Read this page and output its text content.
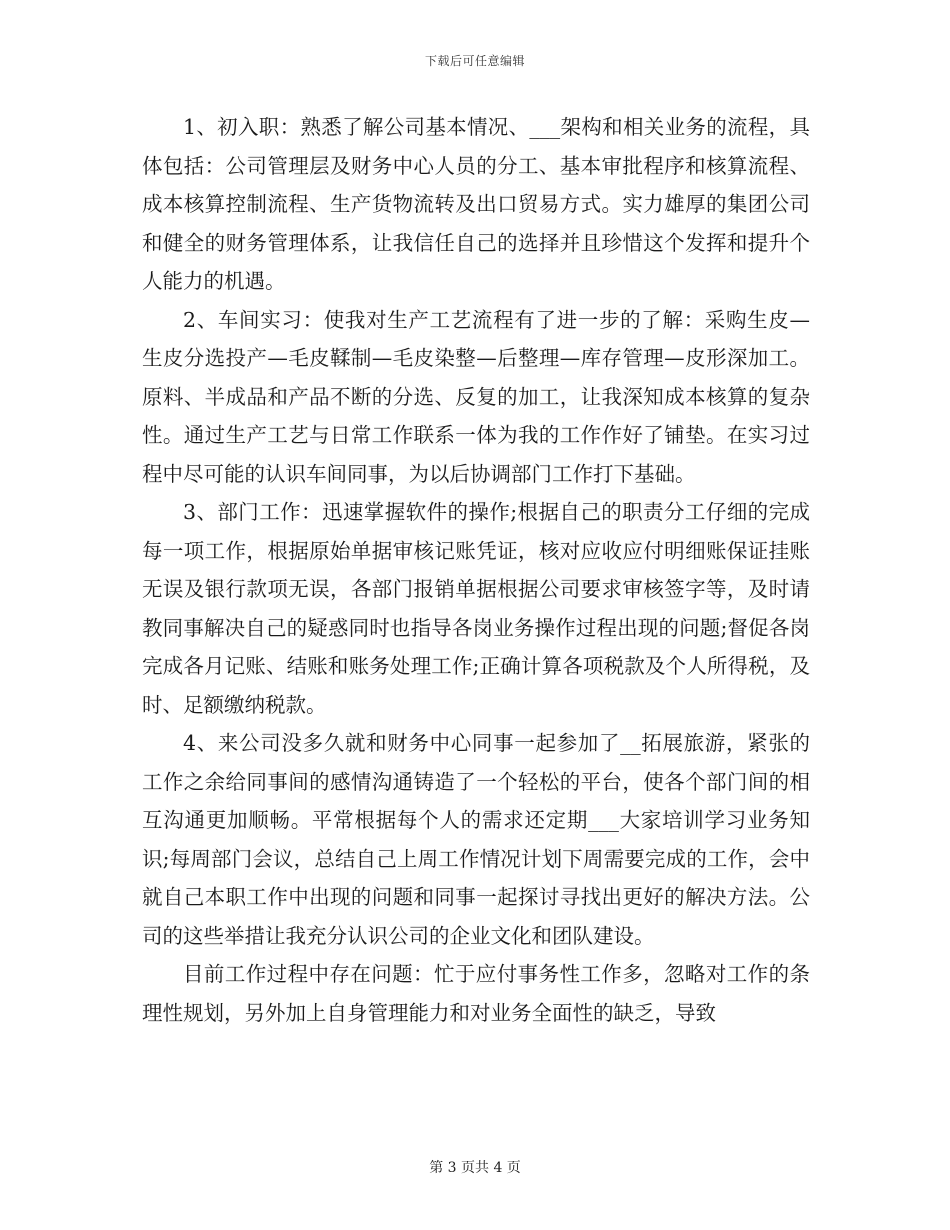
下载后可任意编辑

1、初入职：熟悉了解公司基本情况、___架构和相关业务的流程，具体包括：公司管理层及财务中心人员的分工、基本审批程序和核算流程、成本核算控制流程、生产货物流转及出口贸易方式。实力雄厚的集团公司和健全的财务管理体系，让我信任自己的选择并且珍惜这个发挥和提升个人能力的机遇。

2、车间实习：使我对生产工艺流程有了进一步的了解：采购生皮—生皮分选投产—毛皮鞣制—毛皮染整—后整理—库存管理—皮形深加工。原料、半成品和产品不断的分选、反复的加工，让我深知成本核算的复杂性。通过生产工艺与日常工作联系一体为我的工作作好了铺垫。在实习过程中尽可能的认识车间同事，为以后协调部门工作打下基础。

3、部门工作：迅速掌握软件的操作;根据自己的职责分工仔细的完成每一项工作，根据原始单据审核记账凭证，核对应收应付明细账保证挂账无误及银行款项无误，各部门报销单据根据公司要求审核签字等，及时请教同事解决自己的疑惑同时也指导各岗业务操作过程出现的问题;督促各岗完成各月记账、结账和账务处理工作;正确计算各项税款及个人所得税，及时、足额缴纳税款。

4、来公司没多久就和财务中心同事一起参加了__拓展旅游，紧张的工作之余给同事间的感情沟通铸造了一个轻松的平台，使各个部门间的相互沟通更加顺畅。平常根据每个人的需求还定期___大家培训学习业务知识;每周部门会议，总结自己上周工作情况计划下周需要完成的工作，会中就自己本职工作中出现的问题和同事一起探讨寻找出更好的解决方法。公司的这些举措让我充分认识公司的企业文化和团队建设。

目前工作过程中存在问题：忙于应付事务性工作多，忽略对工作的条理性规划，另外加上自身管理能力和对业务全面性的缺乏，导致

第 3 页共 4 页
